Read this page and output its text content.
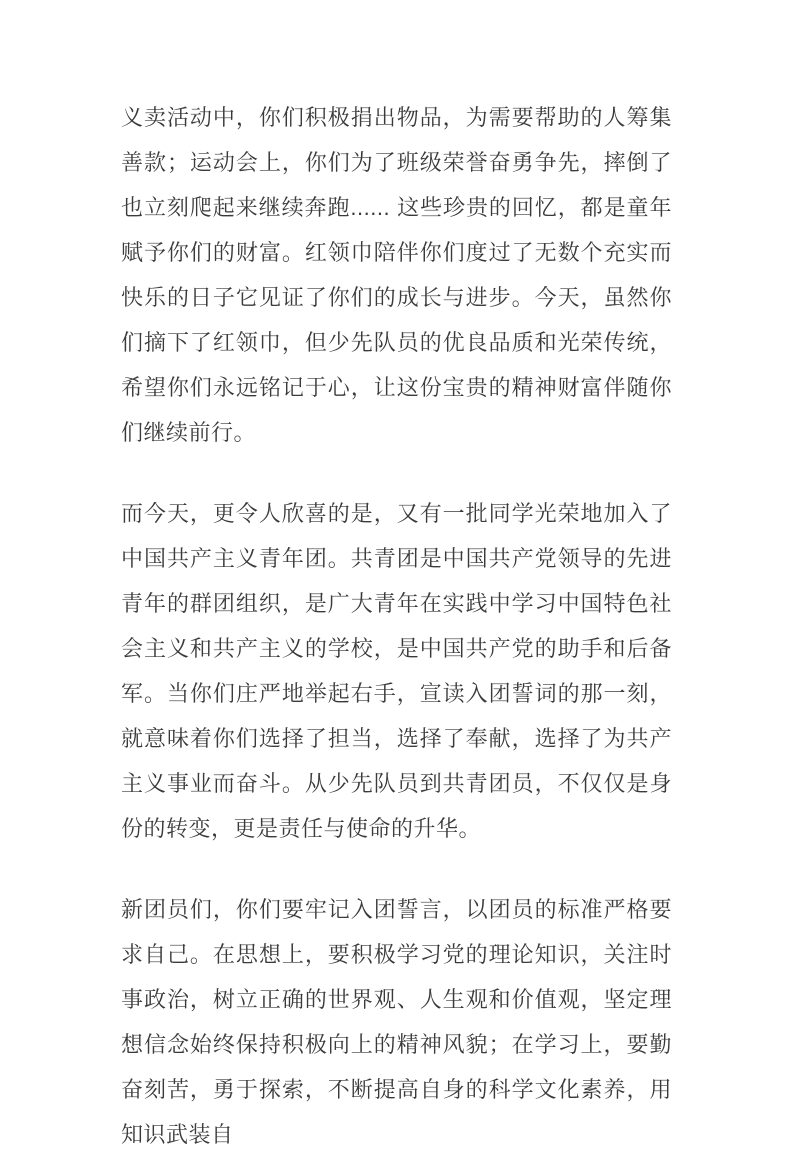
义卖活动中，你们积极捐出物品，为需要帮助的人筹集善款；运动会上，你们为了班级荣誉奋勇争先，摔倒了也立刻爬起来继续奔跑...... 这些珍贵的回忆，都是童年赋予你们的财富。红领巾陪伴你们度过了无数个充实而快乐的日子它见证了你们的成长与进步。今天，虽然你们摘下了红领巾，但少先队员的优良品质和光荣传统，希望你们永远铭记于心，让这份宝贵的精神财富伴随你们继续前行。

而今天，更令人欣喜的是，又有一批同学光荣地加入了中国共产主义青年团。共青团是中国共产党领导的先进青年的群团组织，是广大青年在实践中学习中国特色社会主义和共产主义的学校，是中国共产党的助手和后备军。当你们庄严地举起右手，宣读入团誓词的那一刻，就意味着你们选择了担当，选择了奉献，选择了为共产主义事业而奋斗。从少先队员到共青团员，不仅仅是身份的转变，更是责任与使命的升华。

新团员们，你们要牢记入团誓言，以团员的标准严格要求自己。在思想上，要积极学习党的理论知识，关注时事政治，树立正确的世界观、人生观和价值观，坚定理想信念始终保持积极向上的精神风貌；在学习上，要勤奋刻苦，勇于探索，不断提高自身的科学文化素养，用知识武装自
